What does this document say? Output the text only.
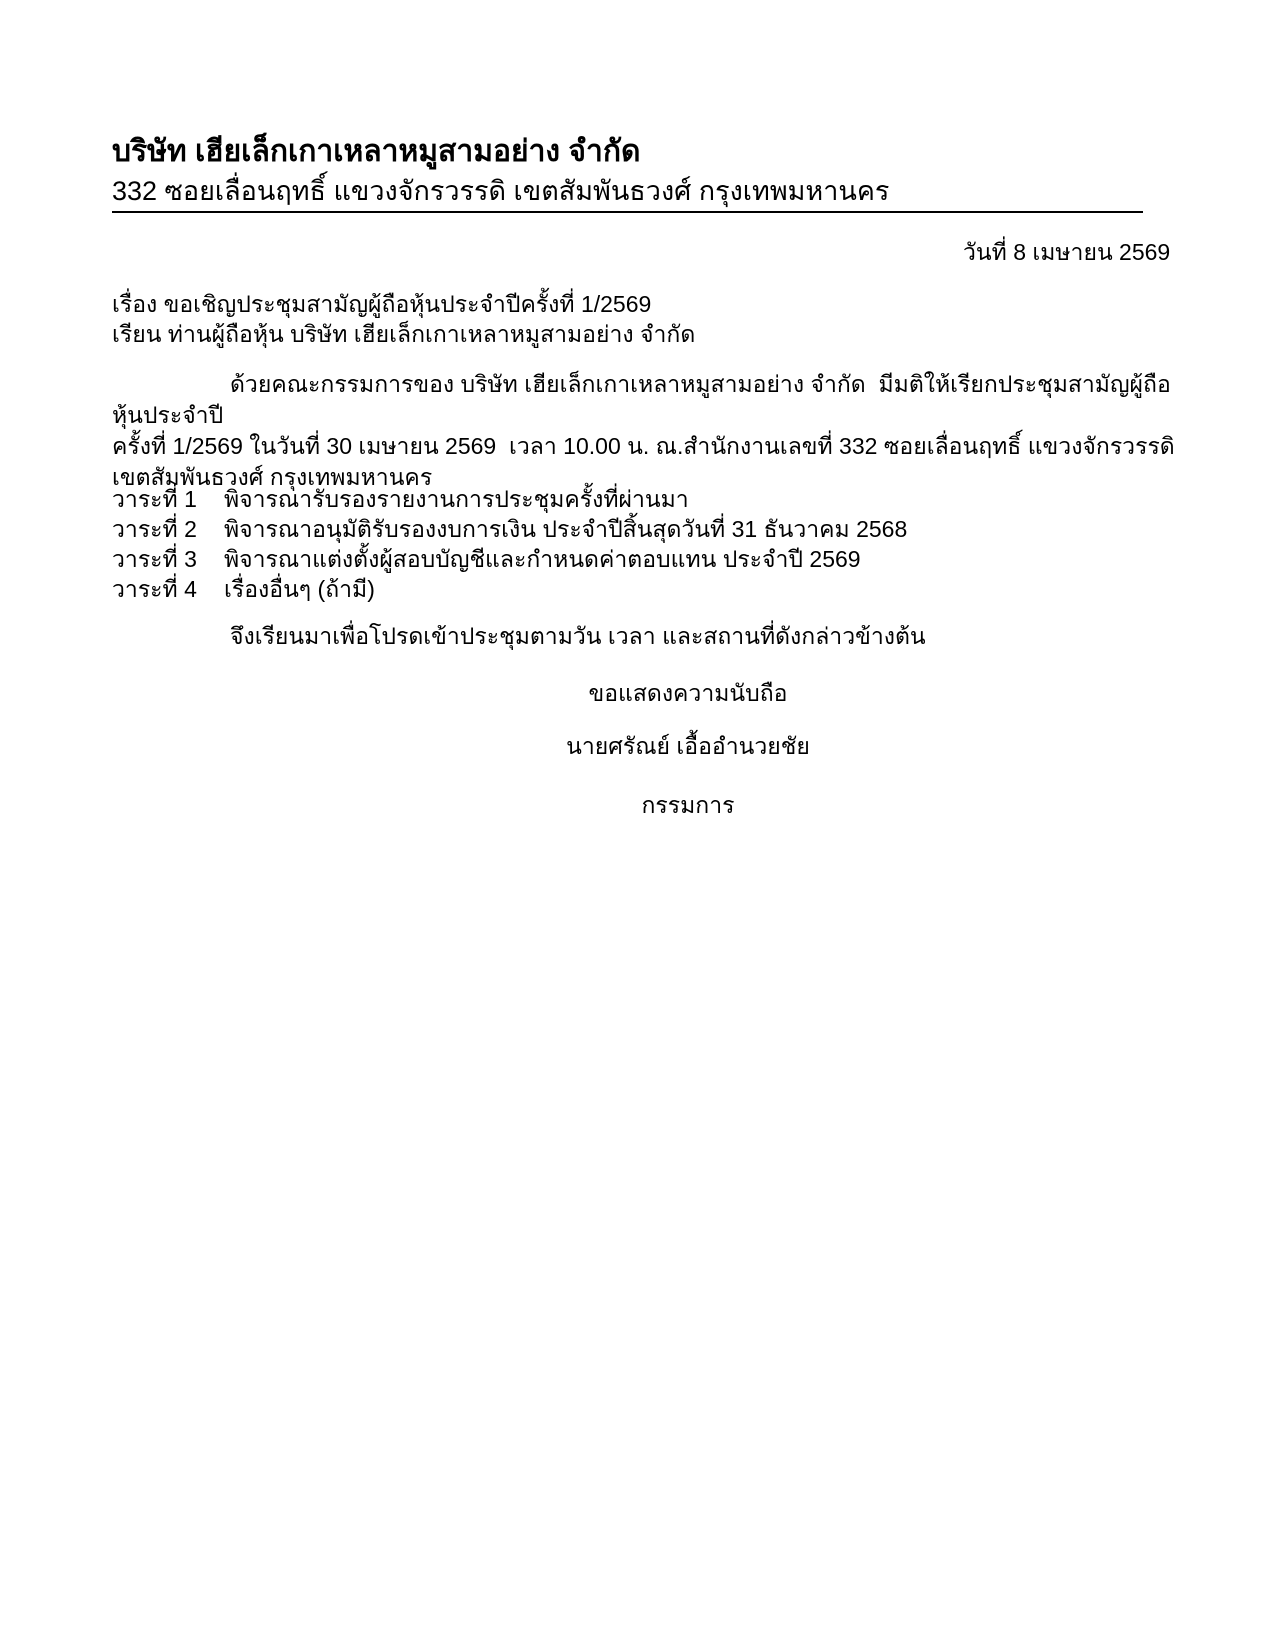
บริษัท เฮียเล็กเกาเหลาหมูสามอย่าง จำกัด
332 ซอยเลื่อนฤทธิ์ แขวงจักรวรรดิ เขตสัมพันธวงศ์ กรุงเทพมหานคร
วันที่ 8 เมษายน 2569
เรื่อง ขอเชิญประชุมสามัญผู้ถือหุ้นประจำปีครั้งที่ 1/2569
เรียน ท่านผู้ถือหุ้น บริษัท เฮียเล็กเกาเหลาหมูสามอย่าง จำกัด
ด้วยคณะกรรมการของ บริษัท เฮียเล็กเกาเหลาหมูสามอย่าง จำกัด  มีมติให้เรียกประชุมสามัญผู้ถือหุ้นประจำปี
ครั้งที่ 1/2569 ในวันที่ 30 เมษายน 2569  เวลา 10.00 น. ณ.สำนักงานเลขที่ 332 ซอยเลื่อนฤทธิ์ แขวงจักรวรรดิ
เขตสัมพันธวงศ์ กรุงเทพมหานคร
วาระที่ 1	พิจารณารับรองรายงานการประชุมครั้งที่ผ่านมา
วาระที่ 2	พิจารณาอนุมัติรับรองงบการเงิน ประจำปีสิ้นสุดวันที่ 31 ธันวาคม 2568
วาระที่ 3	พิจารณาแต่งตั้งผู้สอบบัญชีและกำหนดค่าตอบแทน ประจำปี 2569
วาระที่ 4	เรื่องอื่นๆ (ถ้ามี)
จึงเรียนมาเพื่อโปรดเข้าประชุมตามวัน เวลา และสถานที่ดังกล่าวข้างต้น
ขอแสดงความนับถือ
นายศรัณย์ เอื้ออำนวยชัย
กรรมการ
